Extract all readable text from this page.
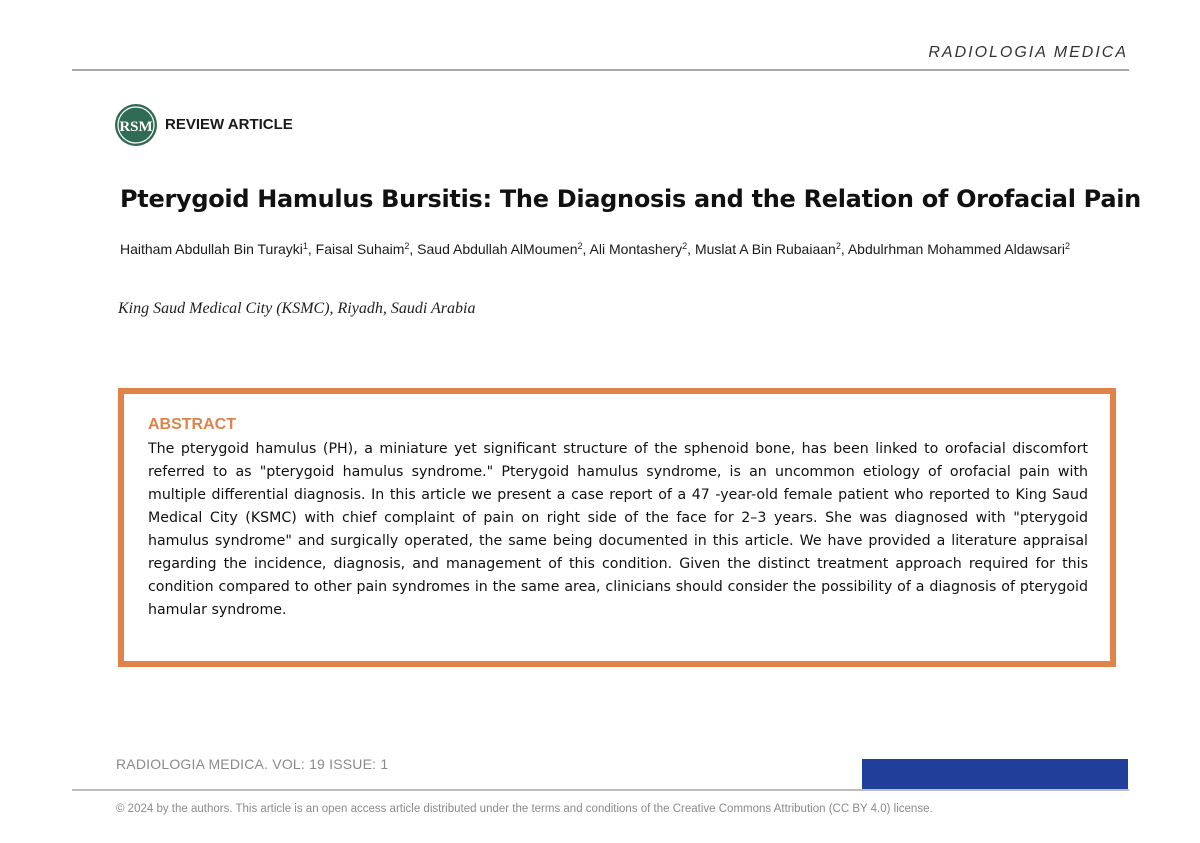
RADIOLOGIA MEDICA
RSM REVIEW ARTICLE
Pterygoid Hamulus Bursitis: The Diagnosis and the Relation of Orofacial Pain
Haitham Abdullah Bin Turayki$^1$, Faisal Suhaim$^2$, Saud Abdullah AlMoumen$^2$, Ali Montashery$^2$, Muslat A Bin Rubaiaan$^2$, Abdulrhman Mohammed Aldawsari$^2$
King Saud Medical City (KSMC), Riyadh, Saudi Arabia
ABSTRACT
The pterygoid hamulus (PH), a miniature yet significant structure of the sphenoid bone, has been linked to orofacial discomfort referred to as "pterygoid hamulus syndrome." Pterygoid hamulus syndrome, is an uncommon etiology of orofacial pain with multiple differential diagnosis. In this article we present a case report of a 47 -year-old female patient who reported to King Saud Medical City (KSMC) with chief complaint of pain on right side of the face for 2–3 years. She was diagnosed with "pterygoid hamulus syndrome" and surgically operated, the same being documented in this article. We have provided a literature appraisal regarding the incidence, diagnosis, and management of this condition. Given the distinct treatment approach required for this condition compared to other pain syndromes in the same area, clinicians should consider the possibility of a diagnosis of pterygoid hamular syndrome.
RADIOLOGIA MEDICA. VOL: 19 ISSUE: 1
© 2024 by the authors. This article is an open access article distributed under the terms and conditions of the Creative Commons Attribution (CC BY 4.0) license.
